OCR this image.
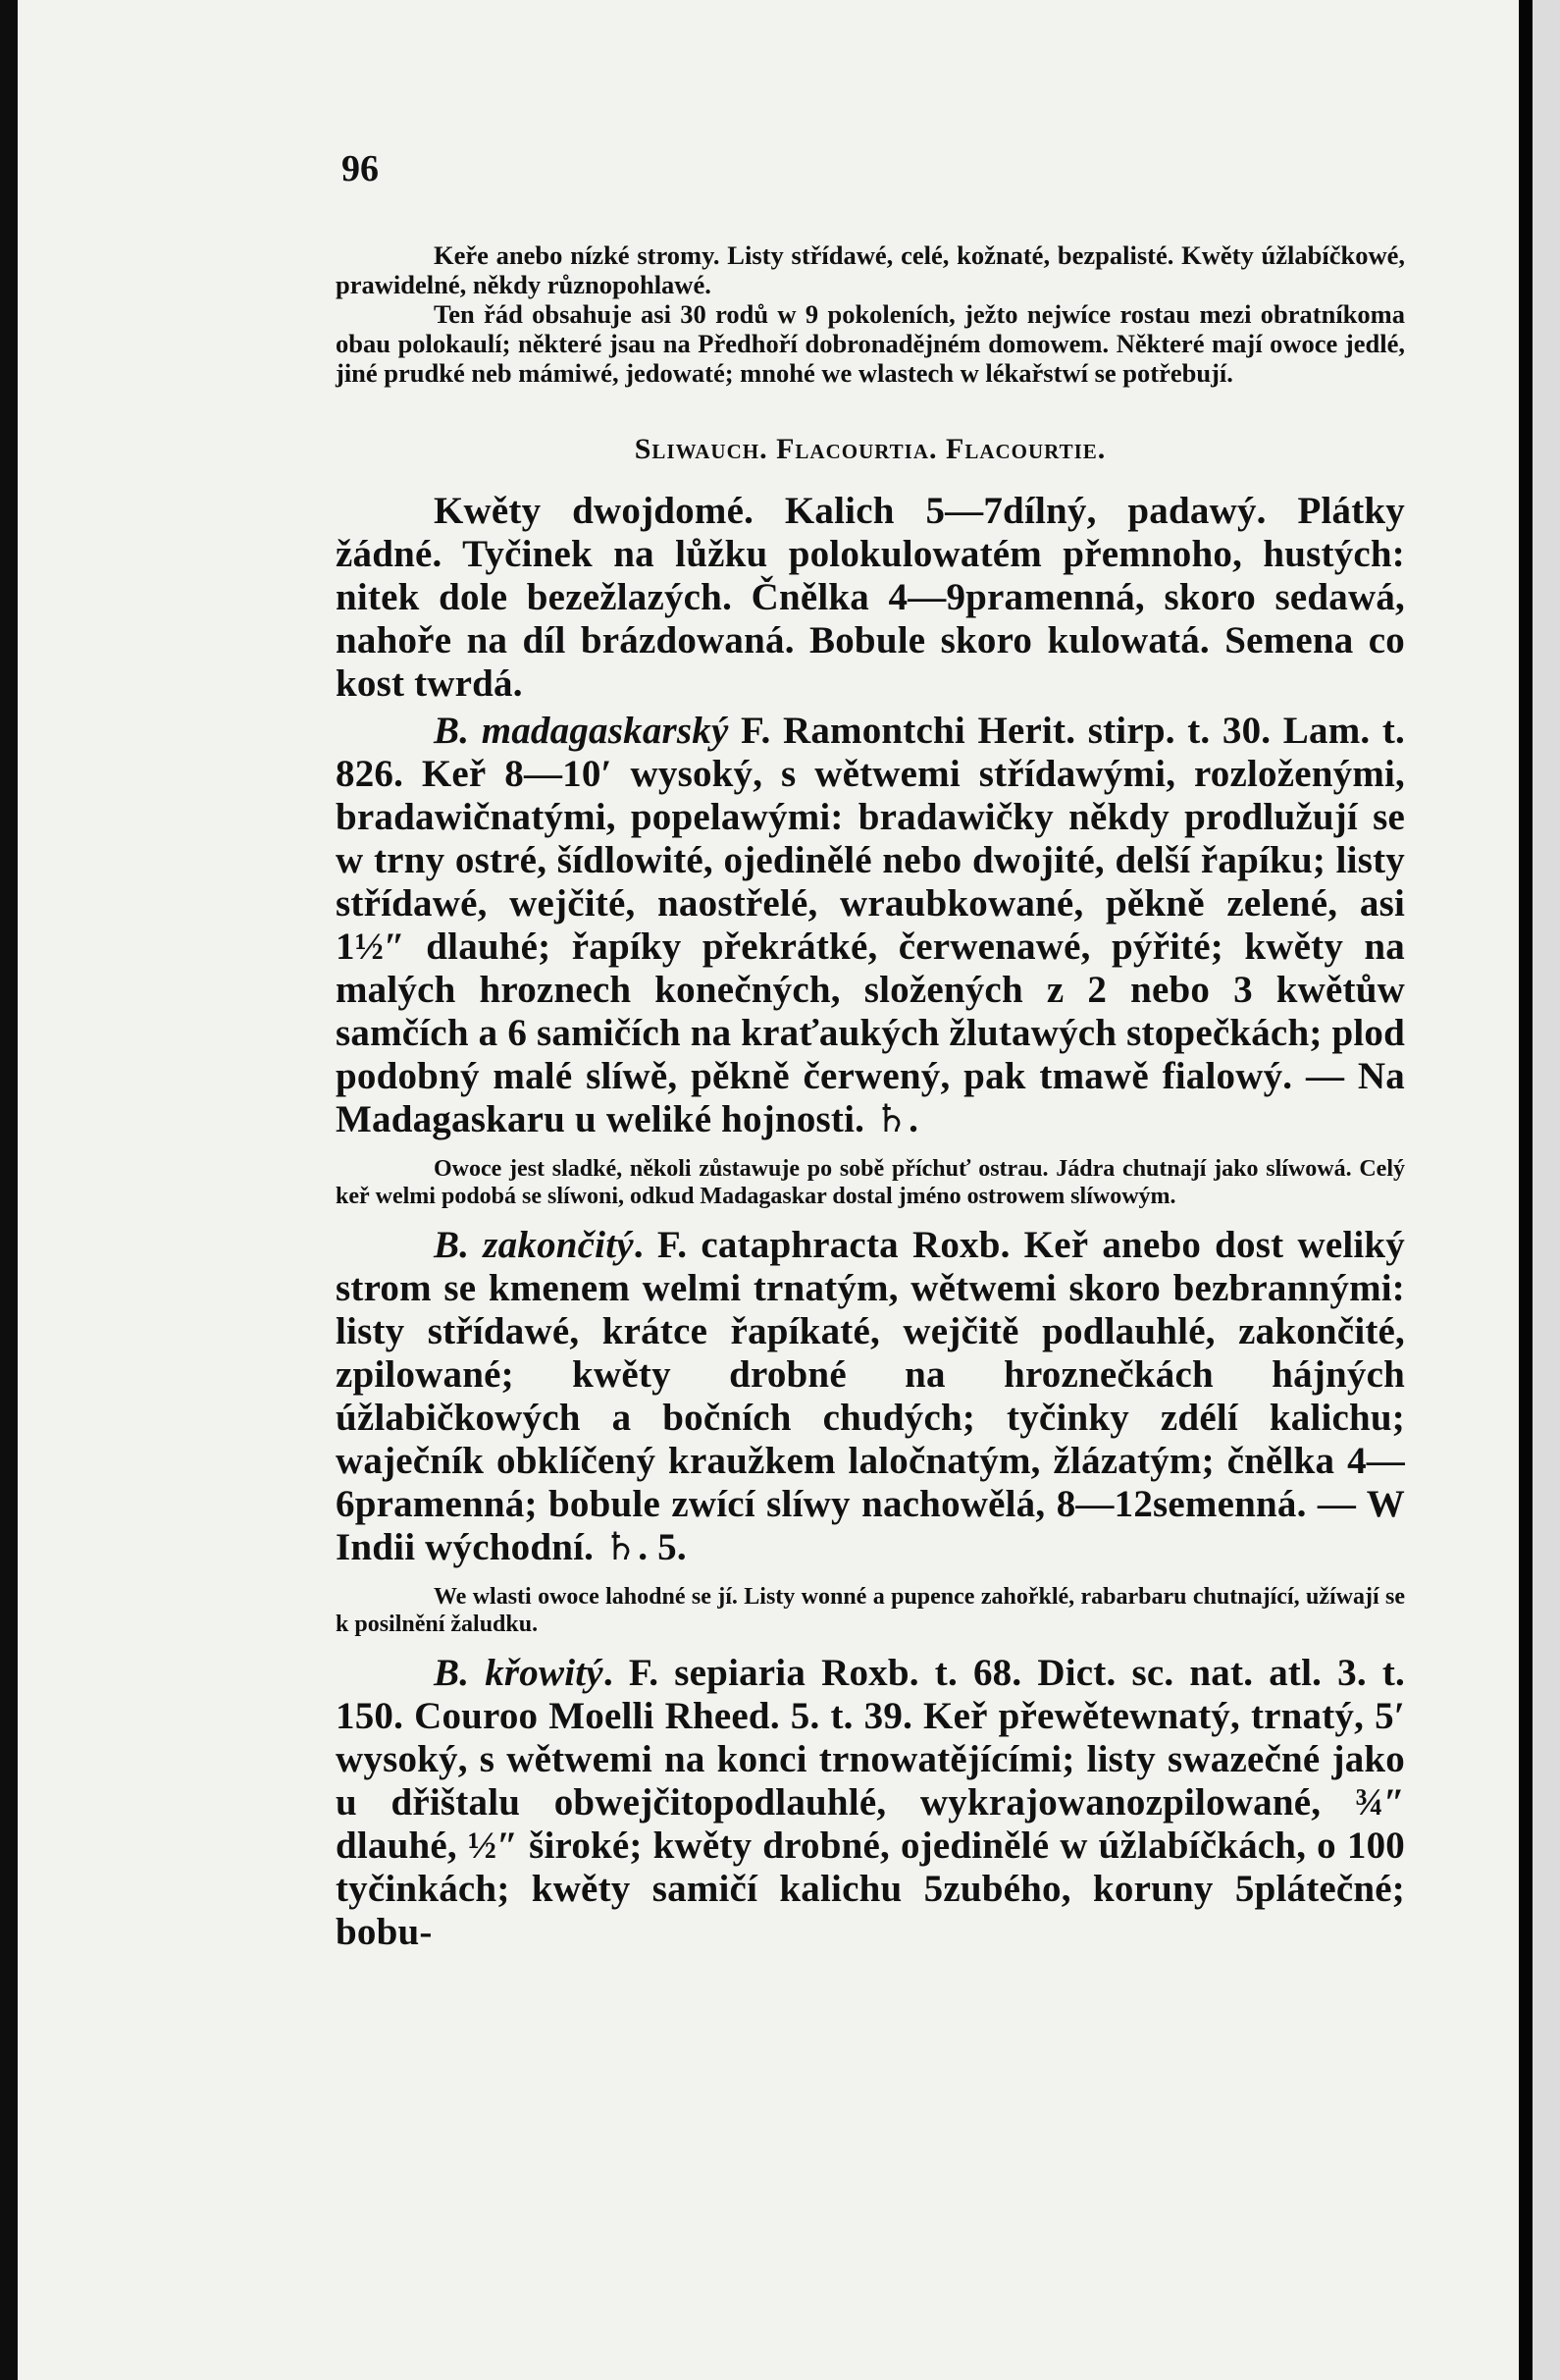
96

Keře anebo nízké stromy. Listy střídawé, celé, kožnaté, bezpalisté. Kwěty úžlabíčkowé, prawidelné, někdy různopohlawé.

Ten řád obsahuje asi 30 rodů w 9 pokoleních, ježto nejwíce rostau mezi obratníkoma obau polokaulí; některé jsau na Předhoří dobronadějném domowem. Některé mají owoce jedlé, jiné prudké neb mámiwé, jedowaté; mnohé we wlastech w lékařstwí se potřebují.

Sliwauch. Flacourtia. Flacourtie.

Kwěty dwojdomé. Kalich 5—7dílný, padawý. Plátky žádné. Tyčinek na lůžku polokulowatém přemnoho, hustých: nitek dole bezežlazých. Čnělka 4—9pramenná, skoro sedawá, nahoře na díl brázdowaná. Bobule skoro kulowatá. Semena co kost twrdá.

B. madagaskarský F. Ramontchi Herit. stirp. t. 30. Lam. t. 826. Keř 8—10′ wysoký, s wětwemi střídawými, rozloženými, bradawičnatými, popelawými: bradawičky někdy prodlužují se w trny ostré, šídlowité, ojedinělé nebo dwojité, delší řapíku; listy střídawé, wejčité, naostřelé, wraubkowané, pěkně zelené, asi 1½″ dlauhé; řapíky překrátké, čerwenawé, pýřité; kwěty na malých hroznech konečných, složených z 2 nebo 3 kwětůw samčích a 6 samičích na kraťaukých žlutawých stopečkách; plod podobný malé slíwě, pěkně čerwený, pak tmawě fialowý. — Na Madagaskaru u weliké hojnosti. ♄.

Owoce jest sladké, několi zůstawuje po sobě příchuť ostrau. Jádra chutnají jako slíwowá. Celý keř welmi podobá se slíwoni, odkud Madagaskar dostal jméno ostrowem slíwowým.

B. zakončitý. F. cataphracta Roxb. Keř anebo dost weliký strom se kmenem welmi trnatým, wětwemi skoro bezbrannými: listy střídawé, krátce řapíkaté, wejčitě podlauhlé, zakončité, zpilowané; kwěty drobné na hroznečkách hájných úžlabičkowých a bočních chudých; tyčinky zdélí kalichu; waječník obklíčený kraužkem laločnatým, žlázatým; čnělka 4—6pramenná; bobule zwící slíwy nachowělá, 8—12semenná. — W Indii wýchodní. ♄. 5.

We wlasti owoce lahodné se jí. Listy wonné a pupence zahořklé, rabarbaru chutnající, užíwají se k posilnění žaludku.

B. křowitý. F. sepiaria Roxb. t. 68. Dict. sc. nat. atl. 3. t. 150. Couroo Moelli Rheed. 5. t. 39. Keř přewětewnatý, trnatý, 5′ wysoký, s wětwemi na konci trnowatějícími; listy swazečné jako u dřištalu obwejčitopodlauhlé, wykrajowanozpilowané, ¾″ dlauhé, ½″ široké; kwěty drobné, ojedinělé w úžlabíčkách, o 100 tyčinkách; kwěty samičí kalichu 5zubého, koruny 5plátečné; bobu-
